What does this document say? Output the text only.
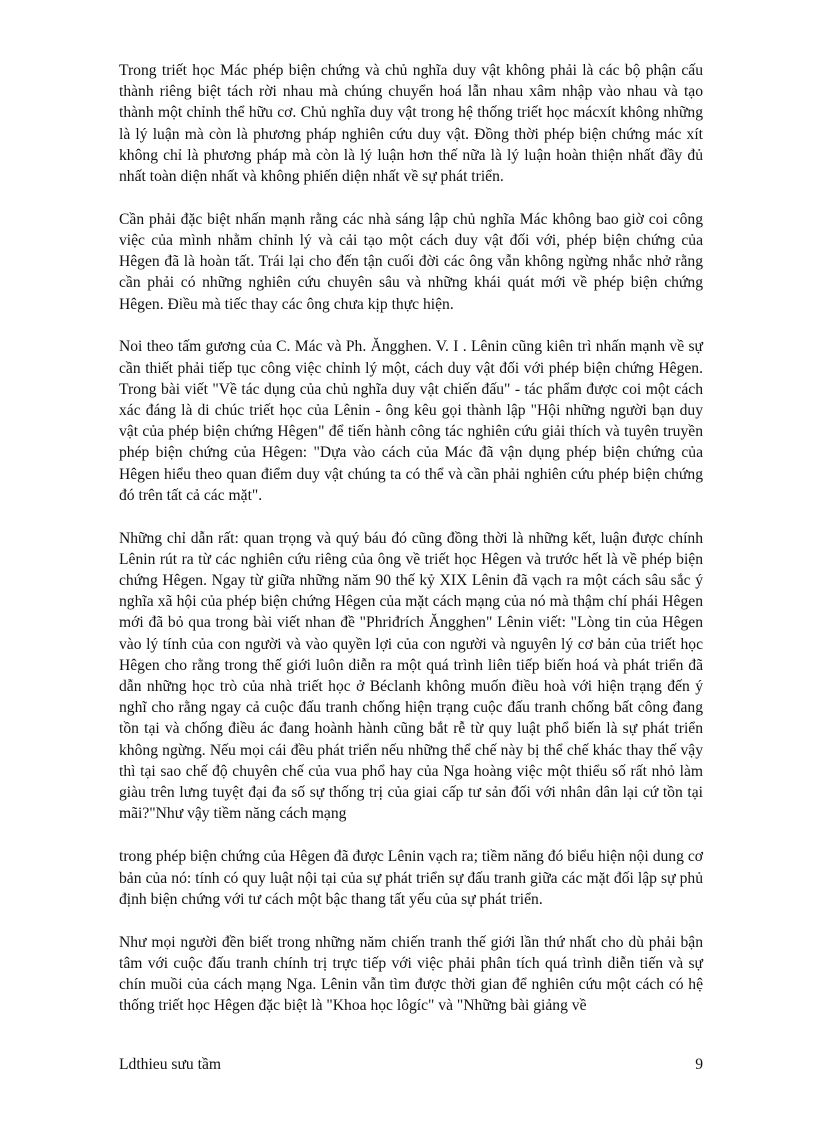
Trong triết học Mác phép biện chứng và chủ nghĩa duy vật không phải là các bộ phận cấu thành riêng biệt tách rời nhau mà chúng chuyển hoá lẫn nhau xâm nhập vào nhau và tạo thành một chỉnh thể hữu cơ. Chủ nghĩa duy vật trong hệ thống triết học mácxít không những là lý luận mà còn là phương pháp nghiên cứu duy vật. Đồng thời phép biện chứng mác xít không chỉ là phương pháp mà còn là lý luận hơn thế nữa là lý luận hoàn thiện nhất đầy đủ nhất toàn diện nhất và không phiến diện nhất về sự phát triển.

Cần phải đặc biệt nhấn mạnh rằng các nhà sáng lập chủ nghĩa Mác không bao giờ coi công việc của mình nhằm chỉnh lý và cải tạo một cách duy vật đối với, phép biện chứng của Hêgen đã là hoàn tất. Trái lại cho đến tận cuối đời các ông vẫn không ngừng nhắc nhở rằng cần phải có những nghiên cứu chuyên sâu và những khái quát mới về phép biện chứng Hêgen. Điều mà tiếc thay các ông chưa kịp thực hiện.

Noi theo tấm gương của C. Mác và Ph. Ăngghen. V. I . Lênin cũng kiên trì nhấn mạnh về sự cần thiết phải tiếp tục công việc chỉnh lý một, cách duy vật đối với phép biện chứng Hêgen. Trong bài viết "Về tác dụng của chủ nghĩa duy vật chiến đấu" - tác phẩm được coi một cách xác đáng là di chúc triết học của Lênin - ông kêu gọi thành lập "Hội những người bạn duy vật của phép biện chứng Hêgen" để tiến hành công tác nghiên cứu giải thích và tuyên truyền phép biện chứng của Hêgen: "Dựa vào cách của Mác đã vận dụng phép biện chứng của Hêgen hiểu theo quan điểm duy vật chúng ta có thể và cần phải nghiên cứu phép biện chứng đó trên tất cả các mặt".

Những chỉ dẫn rất: quan trọng và quý báu đó cũng đồng thời là những kết, luận được chính Lênin rút ra từ các nghiên cứu riêng của ông về triết học Hêgen và trước hết là về phép biện chứng Hêgen. Ngay từ giữa những năm 90 thế kỷ XIX Lênin đã vạch ra một cách sâu sắc ý nghĩa xã hội của phép biện chứng Hêgen của mặt cách mạng của nó mà thậm chí phái Hêgen mới đã bỏ qua trong bài viết nhan đề "Phriđrích Ăngghen" Lênin viết: "Lòng tin của Hêgen vào lý tính của con người và vào quyền lợi của con người và nguyên lý cơ bản của triết học Hêgen cho rằng trong thế giới luôn diễn ra một quá trình liên tiếp biến hoá và phát triển đã dẫn những học trò của nhà triết học ở Béclanh không muốn điều hoà với hiện trạng đến ý nghĩ cho rằng ngay cả cuộc đấu tranh chống hiện trạng cuộc đấu tranh chống bất công đang tồn tại và chống điều ác đang hoành hành cũng bắt rễ từ quy luật phổ biến là sự phát triển không ngừng. Nếu mọi cái đều phát triển nếu những thể chế này bị thể chế khác thay thế vậy thì tại sao chế độ chuyên chế của vua phổ hay của Nga hoàng việc một thiểu số rất nhỏ làm giàu trên lưng tuyệt đại đa số sự thống trị của giai cấp tư sản đối với nhân dân lại cứ tồn tại mãi?"Như vậy tiềm năng cách mạng

trong phép biện chứng của Hêgen đã được Lênin vạch ra; tiềm năng đó biểu hiện nội dung cơ bản của nó: tính có quy luật nội tại của sự phát triển sự đấu tranh giữa các mặt đối lập sự phủ định biện chứng với tư cách một bậc thang tất yếu của sự phát triển.

Như mọi người đền biết trong những năm chiến tranh thế giới lần thứ nhất cho dù phải bận tâm với cuộc đấu tranh chính trị trực tiếp với việc phải phân tích quá trình diễn tiến và sự chín muồi của cách mạng Nga. Lênin vẫn tìm được thời gian để nghiên cứu một cách có hệ thống triết học Hêgen đặc biệt là "Khoa học lôgíc" và "Những bài giảng về

Ldthieu sưu tầm	9
